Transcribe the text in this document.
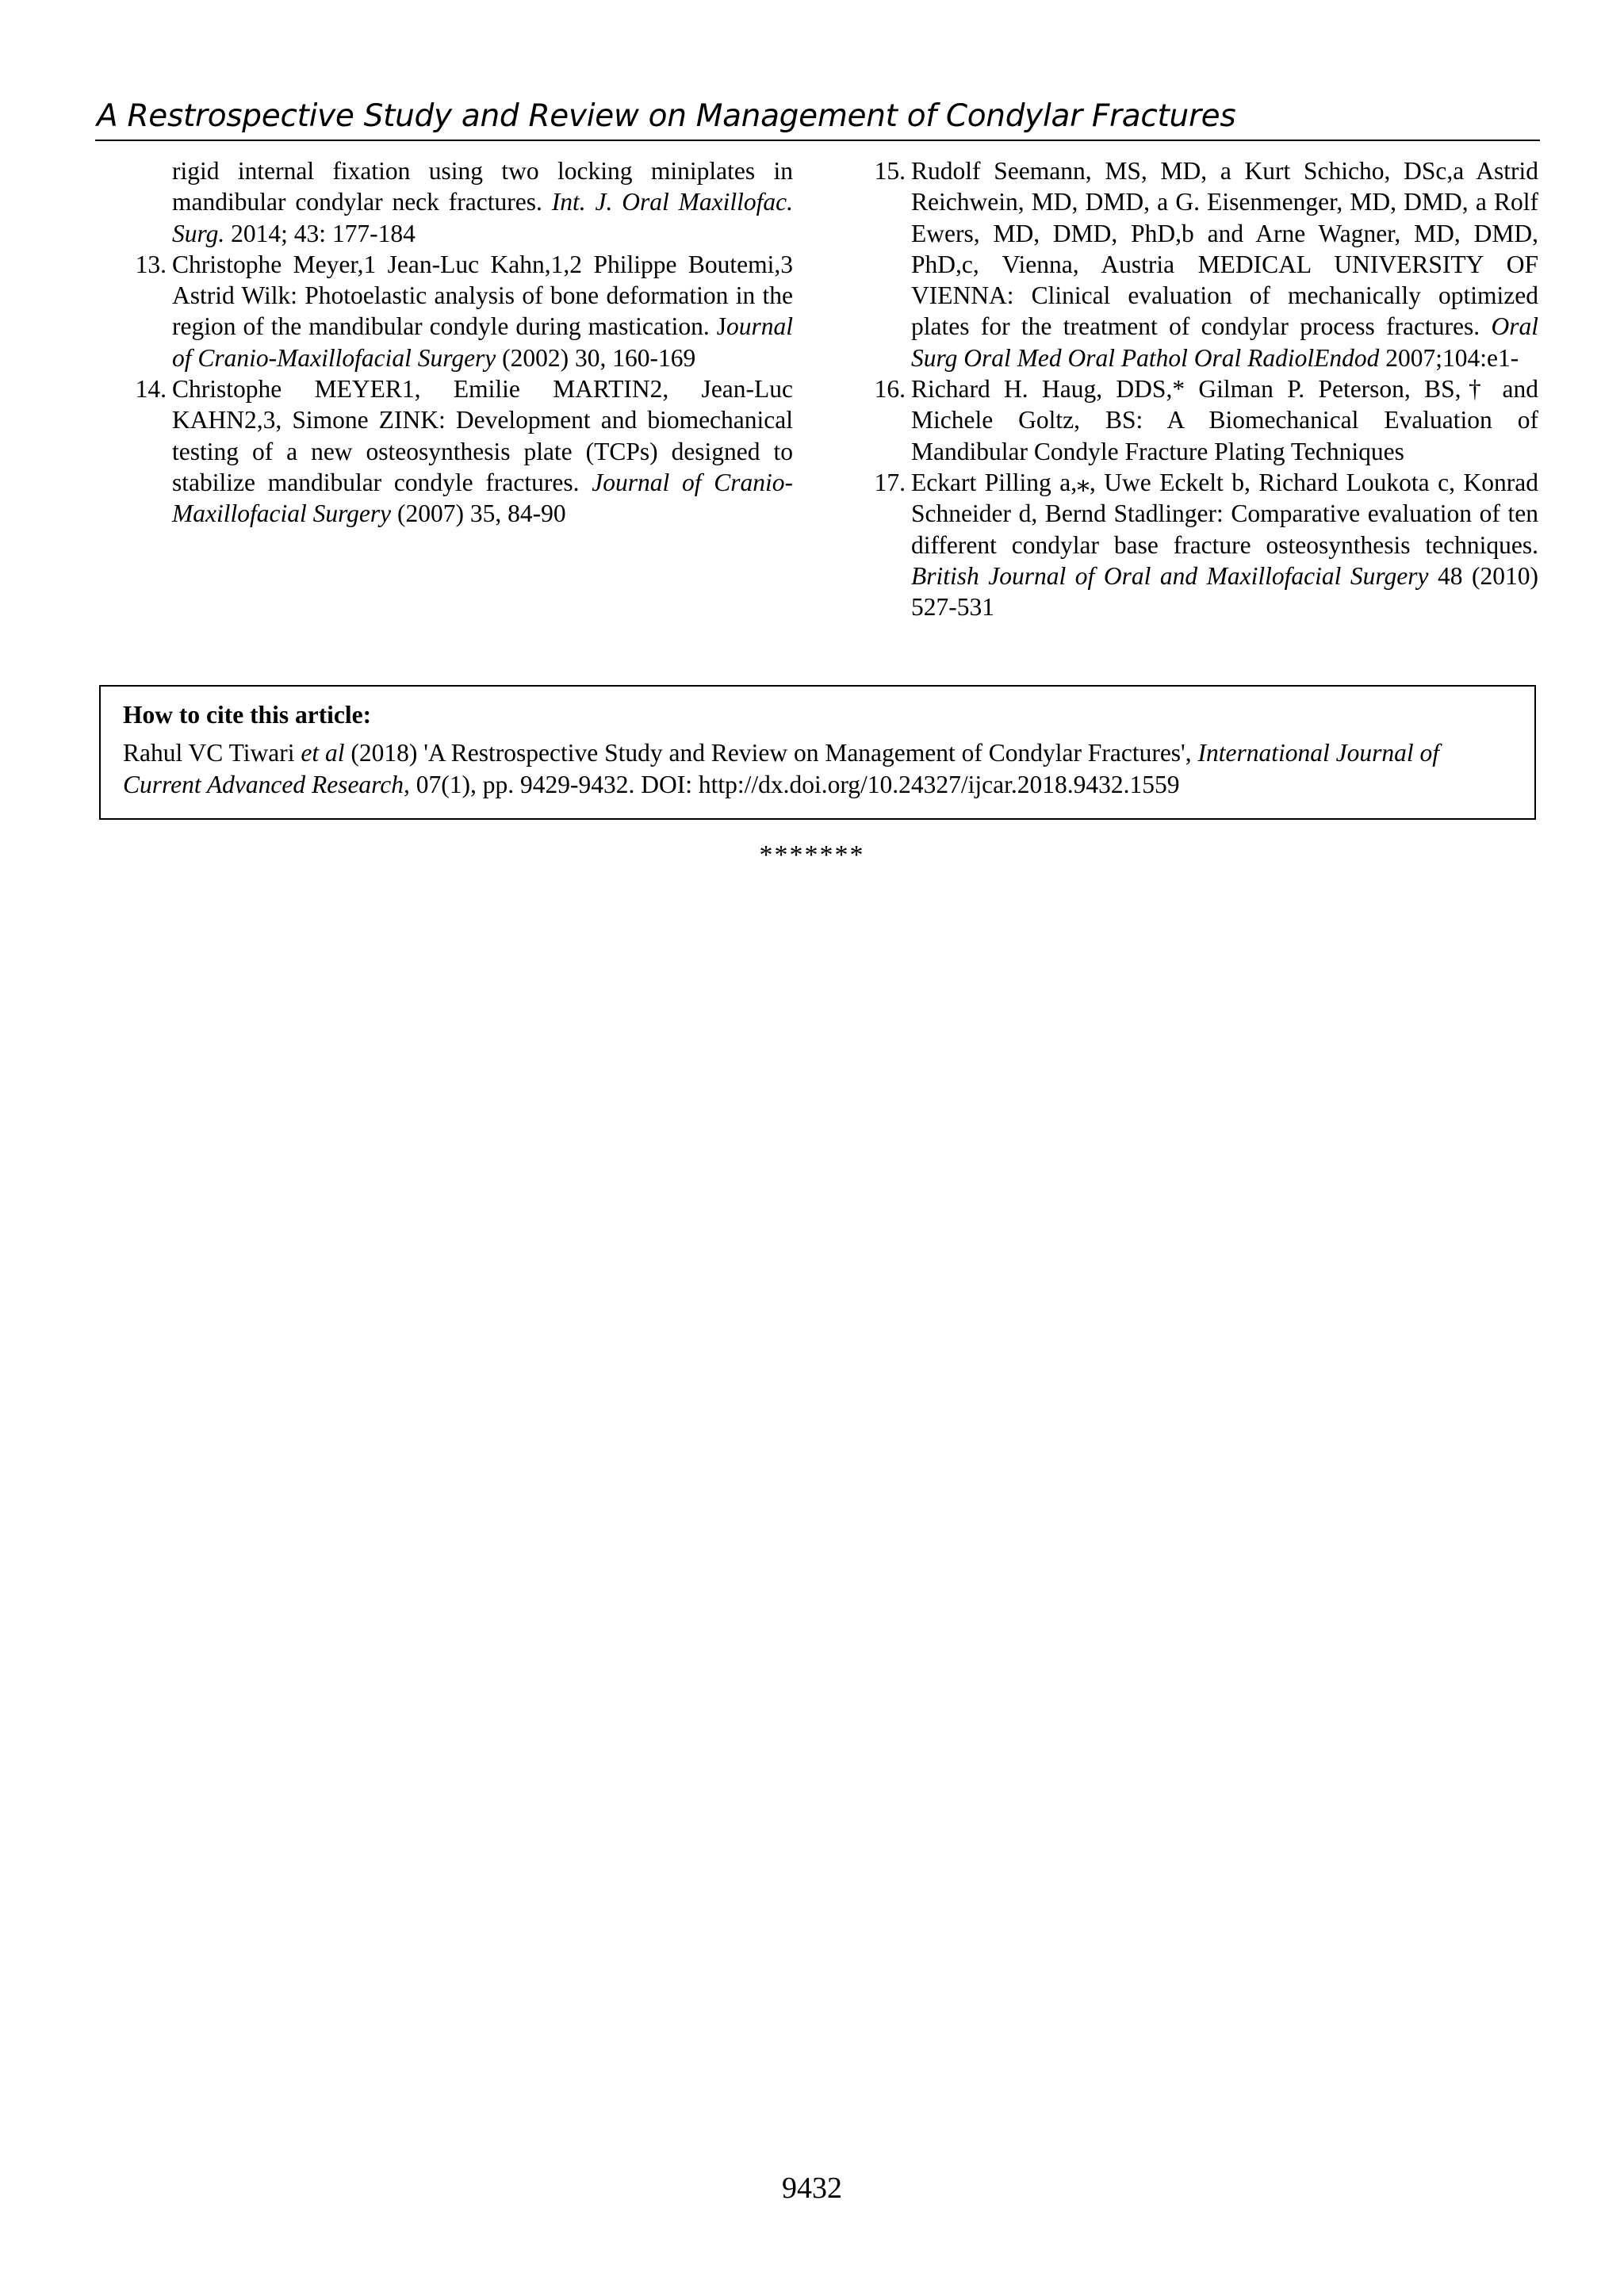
A Restrospective Study and Review on Management of Condylar Fractures
rigid internal fixation using two locking miniplates in mandibular condylar neck fractures. Int. J. Oral Maxillofac. Surg. 2014; 43: 177-184
13. Christophe Meyer,1 Jean-Luc Kahn,1,2 Philippe Boutemi,3 Astrid Wilk: Photoelastic analysis of bone deformation in the region of the mandibular condyle during mastication. Journal of Cranio-Maxillofacial Surgery (2002) 30, 160-169
14. Christophe MEYER1, Emilie MARTIN2, Jean-Luc KAHN2,3, Simone ZINK: Development and biomechanical testing of a new osteosynthesis plate (TCPs) designed to stabilize mandibular condyle fractures. Journal of Cranio-Maxillofacial Surgery (2007) 35, 84-90
15. Rudolf Seemann, MS, MD, a Kurt Schicho, DSc,a Astrid Reichwein, MD, DMD, a G. Eisenmenger, MD, DMD, a Rolf Ewers, MD, DMD, PhD,b and Arne Wagner, MD, DMD, PhD,c, Vienna, Austria MEDICAL UNIVERSITY OF VIENNA: Clinical evaluation of mechanically optimized plates for the treatment of condylar process fractures. Oral Surg Oral Med Oral Pathol Oral RadiolEndod 2007;104:e1-
16. Richard H. Haug, DDS,* Gilman P. Peterson, BS,† and Michele Goltz, BS: A Biomechanical Evaluation of Mandibular Condyle Fracture Plating Techniques
17. Eckart Pilling a,⁎, Uwe Eckelt b, Richard Loukota c, Konrad Schneider d, Bernd Stadlinger: Comparative evaluation of ten different condylar base fracture osteosynthesis techniques. British Journal of Oral and Maxillofacial Surgery 48 (2010) 527-531
How to cite this article:
Rahul VC Tiwari et al (2018) 'A Restrospective Study and Review on Management of Condylar Fractures', International Journal of Current Advanced Research, 07(1), pp. 9429-9432. DOI: http://dx.doi.org/10.24327/ijcar.2018.9432.1559
*******
9432
